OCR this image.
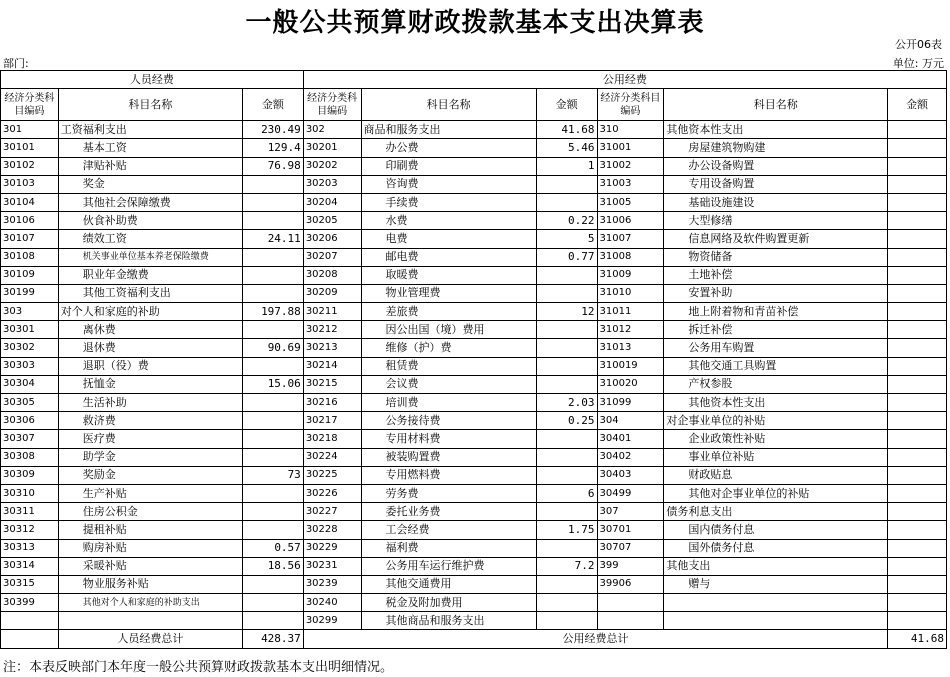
一般公共预算财政拨款基本支出决算表
公开06表
部门:	单位: 万元
人员经费			公用经费					
经济分类科目编码	科目名称	金额	经济分类科目编码	科目名称	金额	经济分类科目编码	科目名称	金额
301	工资福利支出	230.49	302	商品和服务支出	41.68	310	其他资本性支出	
30101	基本工资	129.4	30201	办公费	5.46	31001	房屋建筑物购建	
30102	津贴补贴	76.98	30202	印刷费	1	31002	办公设备购置	
30103	奖金		30203	咨询费		31003	专用设备购置	
30104	其他社会保障缴费		30204	手续费		31005	基础设施建设	
30106	伙食补助费		30205	水费	0.22	31006	大型修缮	
30107	绩效工资	24.11	30206	电费	5	31007	信息网络及软件购置更新	
30108	机关事业单位基本养老保险缴费		30207	邮电费	0.77	31008	物资储备	
30109	职业年金缴费		30208	取暖费		31009	土地补偿	
30199	其他工资福利支出		30209	物业管理费		31010	安置补助	
303	对个人和家庭的补助	197.88	30211	差旅费	12	31011	地上附着物和青苗补偿	
30301	离休费		30212	因公出国（境）费用		31012	拆迁补偿	
30302	退休费	90.69	30213	维修（护）费		31013	公务用车购置	
30303	退职（役）费		30214	租赁费		310019	其他交通工具购置	
30304	抚恤金	15.06	30215	会议费		310020	产权参股	
30305	生活补助		30216	培训费	2.03	31099	其他资本性支出	
30306	救济费		30217	公务接待费	0.25	304	对企事业单位的补贴	
30307	医疗费		30218	专用材料费		30401	企业政策性补贴	
30308	助学金		30224	被装购置费		30402	事业单位补贴	
30309	奖励金	73	30225	专用燃料费		30403	财政贴息	
30310	生产补贴		30226	劳务费	6	30499	其他对企事业单位的补贴	
30311	住房公积金		30227	委托业务费		307	债务利息支出	
30312	提租补贴		30228	工会经费	1.75	30701	国内债务付息	
30313	购房补贴	0.57	30229	福利费		30707	国外债务付息	
30314	采暖补贴	18.56	30231	公务用车运行维护费	7.2	399	其他支出	
30315	物业服务补贴		30239	其他交通费用		39906	赠与	
30399	其他对个人和家庭的补助支出		30240	税金及附加费用				
			30299	其他商品和服务支出				
	人员经费总计	428.37	公用经费总计					41.68
注：本表反映部门本年度一般公共预算财政拨款基本支出明细情况。
